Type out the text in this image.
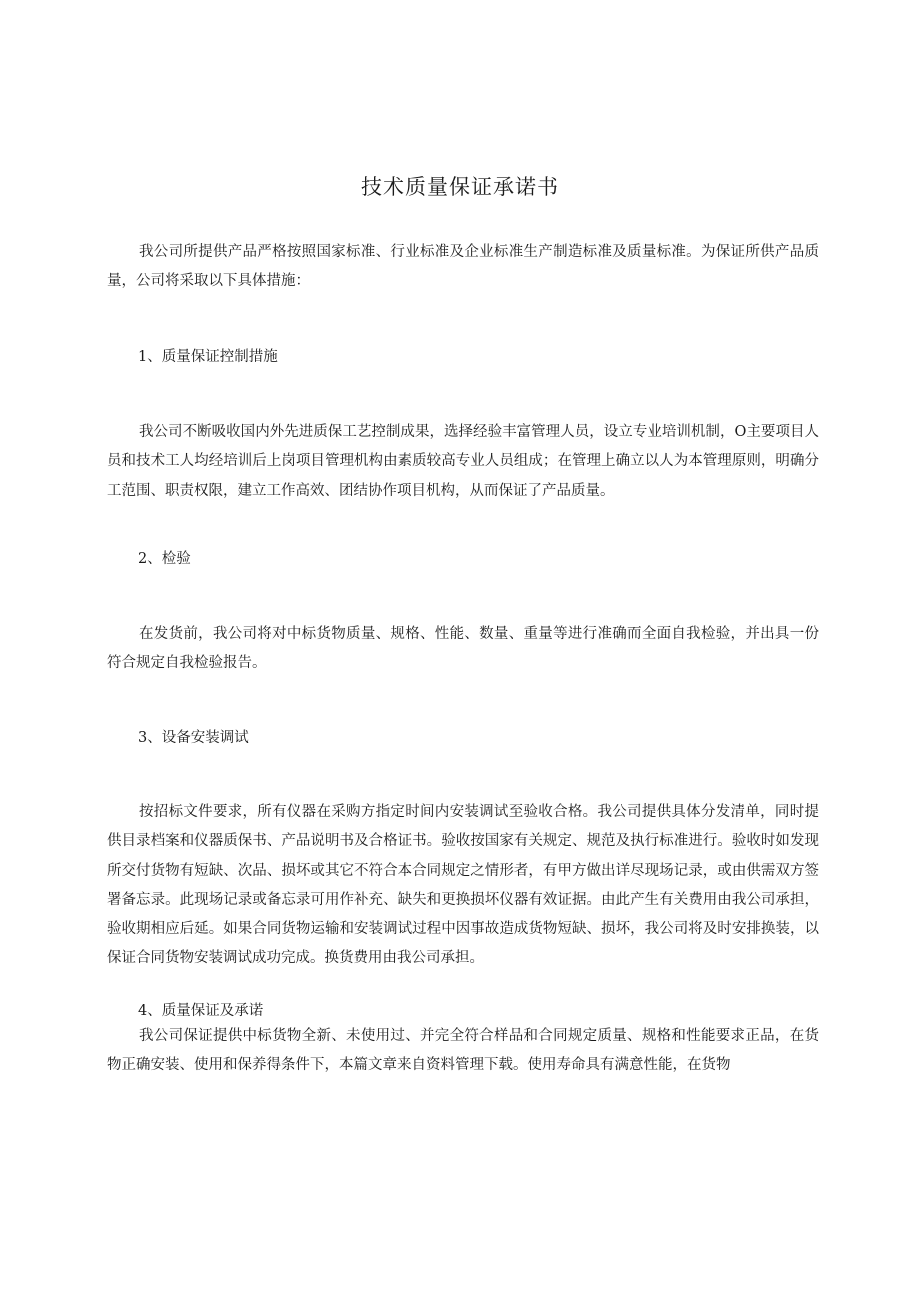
技术质量保证承诺书

我公司所提供产品严格按照国家标准、行业标准及企业标准生产制造标准及质量标准。为保证所供产品质量，公司将采取以下具体措施：

1、质量保证控制措施

我公司不断吸收国内外先进质保工艺控制成果，选择经验丰富管理人员，设立专业培训机制，O主要项目人员和技术工人均经培训后上岗项目管理机构由素质较高专业人员组成；在管理上确立以人为本管理原则，明确分工范围、职责权限，建立工作高效、团结协作项目机构，从而保证了产品质量。

2、检验

在发货前，我公司将对中标货物质量、规格、性能、数量、重量等进行准确而全面自我检验，并出具一份符合规定自我检验报告。

3、设备安装调试

按招标文件要求，所有仪器在采购方指定时间内安装调试至验收合格。我公司提供具体分发清单，同时提供目录档案和仪器质保书、产品说明书及合格证书。验收按国家有关规定、规范及执行标准进行。验收时如发现所交付货物有短缺、次品、损坏或其它不符合本合同规定之情形者，有甲方做出详尽现场记录，或由供需双方签署备忘录。此现场记录或备忘录可用作补充、缺失和更换损坏仪器有效证据。由此产生有关费用由我公司承担，验收期相应后延。如果合同货物运输和安装调试过程中因事故造成货物短缺、损坏，我公司将及时安排换装，以保证合同货物安装调试成功完成。换货费用由我公司承担。

4、质量保证及承诺

我公司保证提供中标货物全新、未使用过、并完全符合样品和合同规定质量、规格和性能要求正品，在货物正确安装、使用和保养得条件下，本篇文章来自资料管理下载。使用寿命具有满意性能，在货物
